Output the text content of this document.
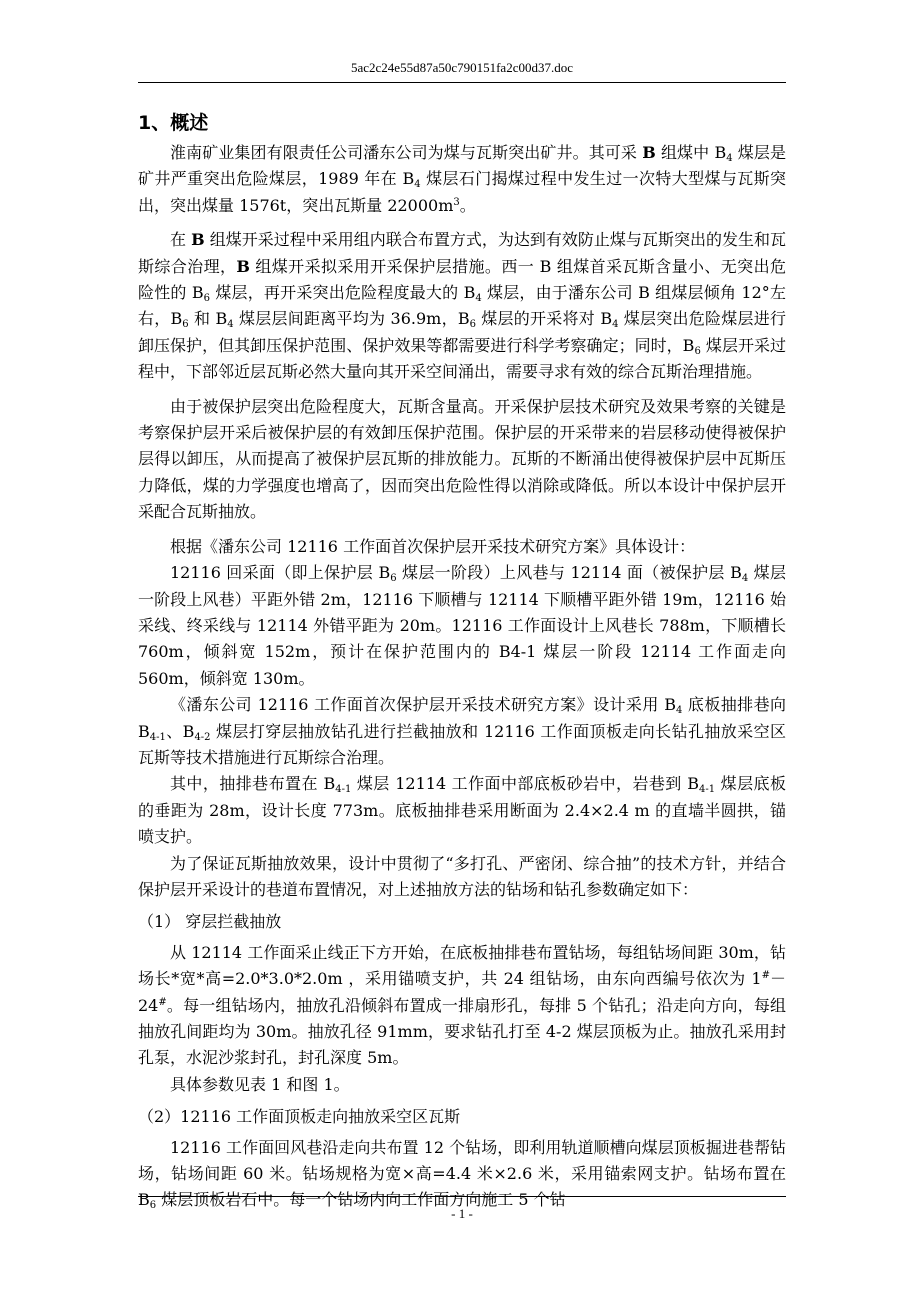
5ac2c24e55d87a50c790151fa2c00d37.doc
1、概述

淮南矿业集团有限责任公司潘东公司为煤与瓦斯突出矿井。其可采 B 组煤中 $B_4$ 煤层是矿井严重突出危险煤层，1989 年在 $B_4$ 煤层石门揭煤过程中发生过一次特大型煤与瓦斯突出，突出煤量 1576t，突出瓦斯量 $22000m^3$。

在 B 组煤开采过程中采用组内联合布置方式，为达到有效防止煤与瓦斯突出的发生和瓦斯综合治理，B 组煤开采拟采用开采保护层措施。西一 B 组煤首采瓦斯含量小、无突出危险性的 $B_6$ 煤层，再开采突出危险程度最大的 $B_4$ 煤层，由于潘东公司 B 组煤层倾角 12°左右，$B_6$ 和 $B_4$ 煤层层间距离平均为 36.9m，$B_6$ 煤层的开采将对 $B_4$ 煤层突出危险煤层进行卸压保护，但其卸压保护范围、保护效果等都需要进行科学考察确定；同时，$B_6$ 煤层开采过程中，下部邻近层瓦斯必然大量向其开采空间涌出，需要寻求有效的综合瓦斯治理措施。

由于被保护层突出危险程度大，瓦斯含量高。开采保护层技术研究及效果考察的关键是考察保护层开采后被保护层的有效卸压保护范围。保护层的开采带来的岩层移动使得被保护层得以卸压，从而提高了被保护层瓦斯的排放能力。瓦斯的不断涌出使得被保护层中瓦斯压力降低，煤的力学强度也增高了，因而突出危险性得以消除或降低。所以本设计中保护层开采配合瓦斯抽放。

根据《潘东公司 12116 工作面首次保护层开采技术研究方案》具体设计：

12116 回采面（即上保护层 $B_6$ 煤层一阶段）上风巷与 12114 面（被保护层 $B_4$ 煤层一阶段上风巷）平距外错 2m，12116 下顺槽与 12114 下顺槽平距外错 19m，12116 始采线、终采线与 12114 外错平距为 20m。12116 工作面设计上风巷长 788m，下顺槽长 760m，倾斜宽 152m，预计在保护范围内的 B4-1 煤层一阶段 12114 工作面走向 560m，倾斜宽 130m。

《潘东公司 12116 工作面首次保护层开采技术研究方案》设计采用 $B_4$ 底板抽排巷向 $B_{4-1}$、$B_{4-2}$ 煤层打穿层抽放钻孔进行拦截抽放和 12116 工作面顶板走向长钻孔抽放采空区瓦斯等技术措施进行瓦斯综合治理。

其中，抽排巷布置在 $B_{4-1}$ 煤层 12114 工作面中部底板砂岩中，岩巷到 $B_{4-1}$ 煤层底板的垂距为 28m，设计长度 773m。底板抽排巷采用断面为 2.4×2.4 m 的直墙半圆拱，锚喷支护。

为了保证瓦斯抽放效果，设计中贯彻了“多打孔、严密闭、综合抽”的技术方针，并结合保护层开采设计的巷道布置情况，对上述抽放方法的钻场和钻孔参数确定如下：

（1） 穿层拦截抽放

从 12114 工作面采止线正下方开始，在底板抽排巷布置钻场，每组钻场间距 30m，钻场长*宽*高=2.0*3.0*2.0m ，采用锚喷支护，共 24 组钻场，由东向西编号依次为 1#－24#。每一组钻场内，抽放孔沿倾斜布置成一排扇形孔，每排 5 个钻孔；沿走向方向，每组抽放孔间距均为 30m。抽放孔径 91mm，要求钻孔打至 4-2 煤层顶板为止。抽放孔采用封孔泵，水泥沙浆封孔，封孔深度 5m。

具体参数见表 1 和图 1。

（2）12116 工作面顶板走向抽放采空区瓦斯

12116 工作面回风巷沿走向共布置 12 个钻场，即利用轨道顺槽向煤层顶板掘进巷帮钻场，钻场间距 60 米。钻场规格为宽×高=4.4 米×2.6 米，采用锚索网支护。钻场布置在 $B_6$ 煤层顶板岩石中。每一个钻场内向工作面方向施工 5 个钻

- 1 -
